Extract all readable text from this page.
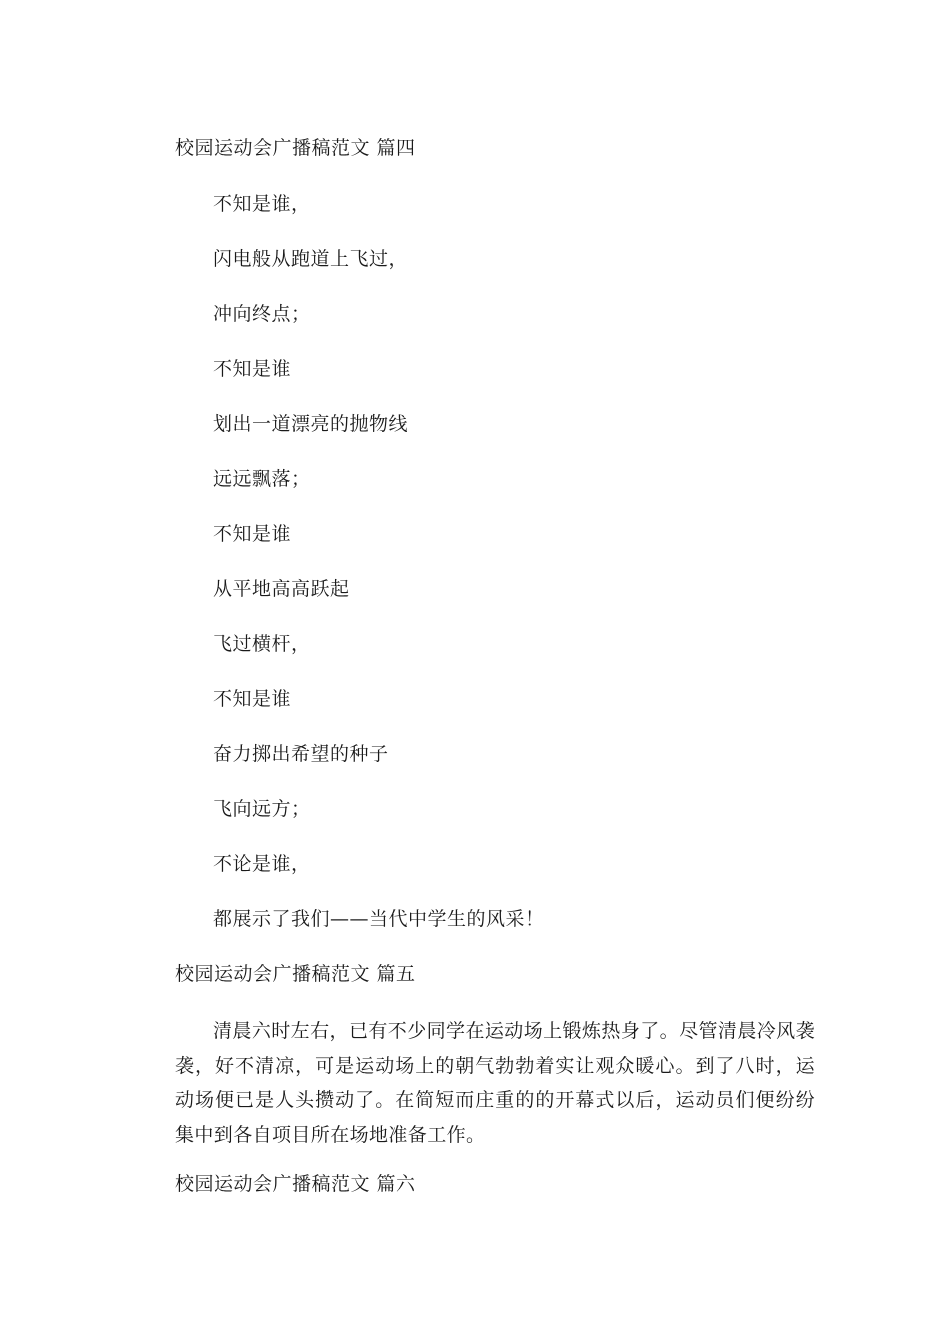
校园运动会广播稿范文 篇四
不知是谁，
闪电般从跑道上飞过，
冲向终点；
不知是谁
划出一道漂亮的抛物线
远远飘落；
不知是谁
从平地高高跃起
飞过横杆，
不知是谁
奋力掷出希望的种子
飞向远方；
不论是谁，
都展示了我们——当代中学生的风采！
校园运动会广播稿范文 篇五

清晨六时左右，已有不少同学在运动场上锻炼热身了。尽管清晨冷风袭袭，好不清凉，可是运动场上的朝气勃勃着实让观众暖心。到了八时，运动场便已是人头攒动了。在简短而庄重的的开幕式以后，运动员们便纷纷集中到各自项目所在场地准备工作。

校园运动会广播稿范文 篇六
